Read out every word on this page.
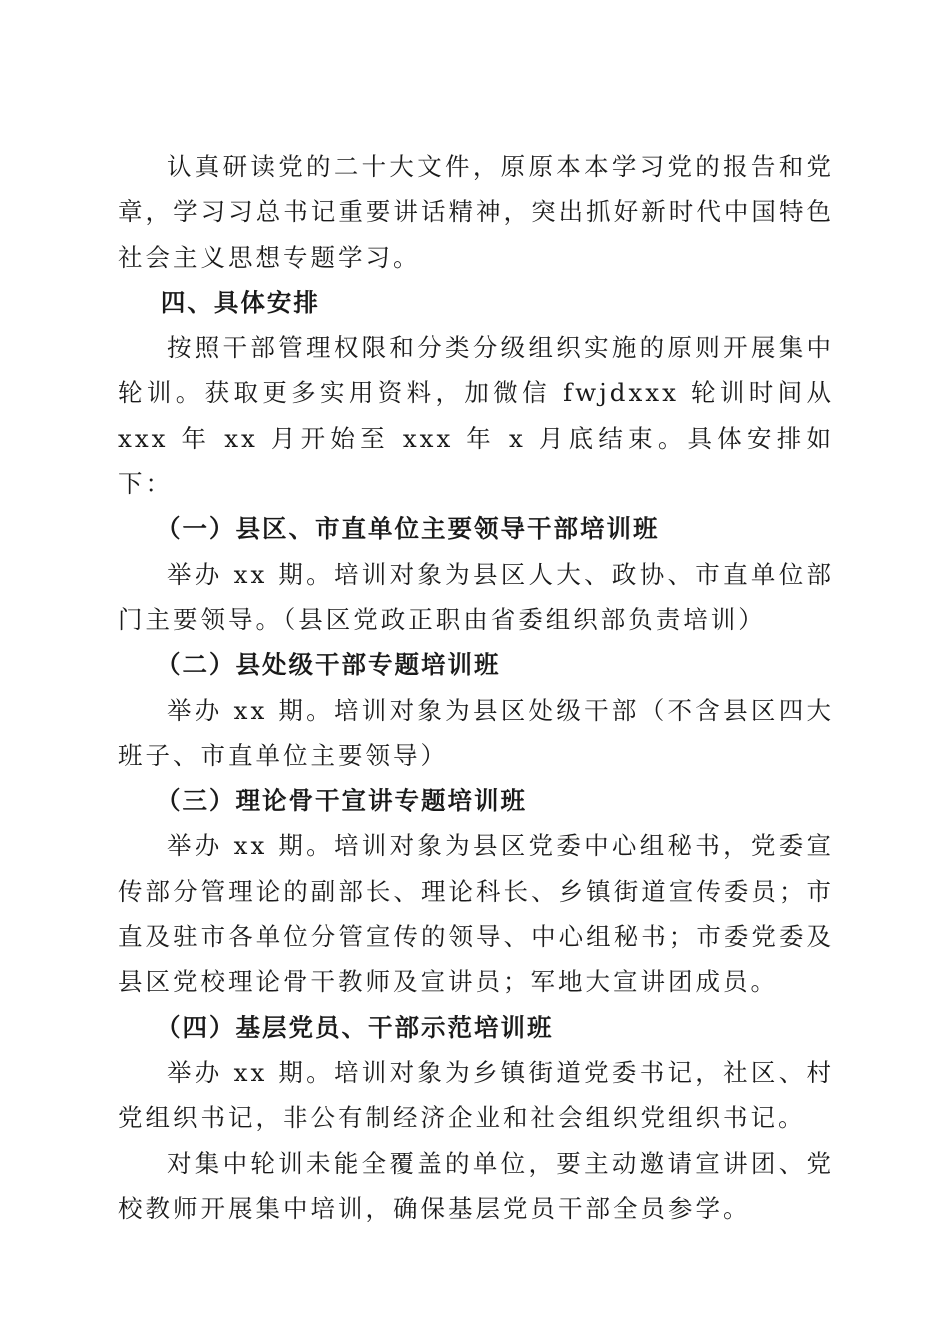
认真研读党的二十大文件，原原本本学习党的报告和党章，学习习总书记重要讲话精神，突出抓好新时代中国特色社会主义思想专题学习。

四、具体安排

按照干部管理权限和分类分级组织实施的原则开展集中轮训。获取更多实用资料，加微信 fwjdxxx 轮训时间从 xxx 年 xx 月开始至 xxx 年 x 月底结束。具体安排如下：

（一）县区、市直单位主要领导干部培训班

举办 xx 期。培训对象为县区人大、政协、市直单位部门主要领导。（县区党政正职由省委组织部负责培训）

（二）县处级干部专题培训班

举办 xx 期。培训对象为县区处级干部（不含县区四大班子、市直单位主要领导）

（三）理论骨干宣讲专题培训班

举办 xx 期。培训对象为县区党委中心组秘书，党委宣传部分管理论的副部长、理论科长、乡镇街道宣传委员；市直及驻市各单位分管宣传的领导、中心组秘书；市委党委及县区党校理论骨干教师及宣讲员；军地大宣讲团成员。

（四）基层党员、干部示范培训班

举办 xx 期。培训对象为乡镇街道党委书记，社区、村党组织书记，非公有制经济企业和社会组织党组织书记。

对集中轮训未能全覆盖的单位，要主动邀请宣讲团、党校教师开展集中培训，确保基层党员干部全员参学。
